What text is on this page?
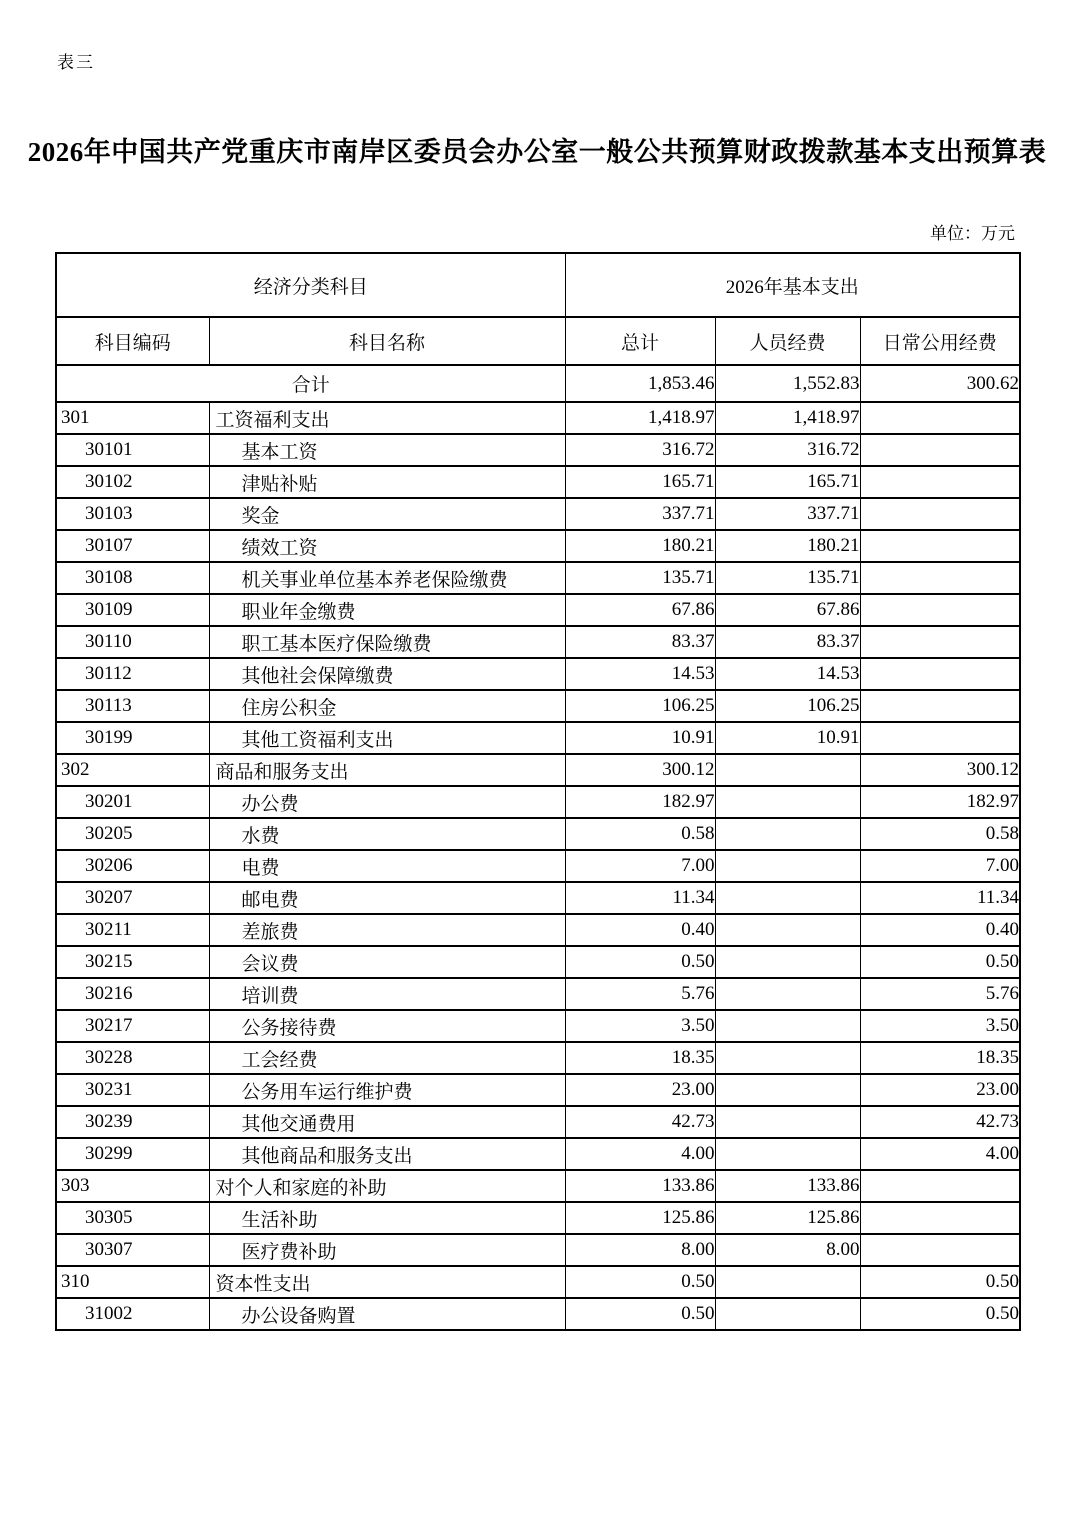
表三
2026年中国共产党重庆市南岸区委员会办公室一般公共预算财政拨款基本支出预算表
单位：万元
经济分类科目		2026年基本支出		
科目编码	科目名称	总计	人员经费	日常公用经费
合计		1,853.46	1,552.83	300.62
301	工资福利支出	1,418.97	1,418.97	
30101	基本工资	316.72	316.72	
30102	津贴补贴	165.71	165.71	
30103	奖金	337.71	337.71	
30107	绩效工资	180.21	180.21	
30108	机关事业单位基本养老保险缴费	135.71	135.71	
30109	职业年金缴费	67.86	67.86	
30110	职工基本医疗保险缴费	83.37	83.37	
30112	其他社会保障缴费	14.53	14.53	
30113	住房公积金	106.25	106.25	
30199	其他工资福利支出	10.91	10.91	
302	商品和服务支出	300.12		300.12
30201	办公费	182.97		182.97
30205	水费	0.58		0.58
30206	电费	7.00		7.00
30207	邮电费	11.34		11.34
30211	差旅费	0.40		0.40
30215	会议费	0.50		0.50
30216	培训费	5.76		5.76
30217	公务接待费	3.50		3.50
30228	工会经费	18.35		18.35
30231	公务用车运行维护费	23.00		23.00
30239	其他交通费用	42.73		42.73
30299	其他商品和服务支出	4.00		4.00
303	对个人和家庭的补助	133.86	133.86	
30305	生活补助	125.86	125.86	
30307	医疗费补助	8.00	8.00	
310	资本性支出	0.50		0.50
31002	办公设备购置	0.50		0.50
